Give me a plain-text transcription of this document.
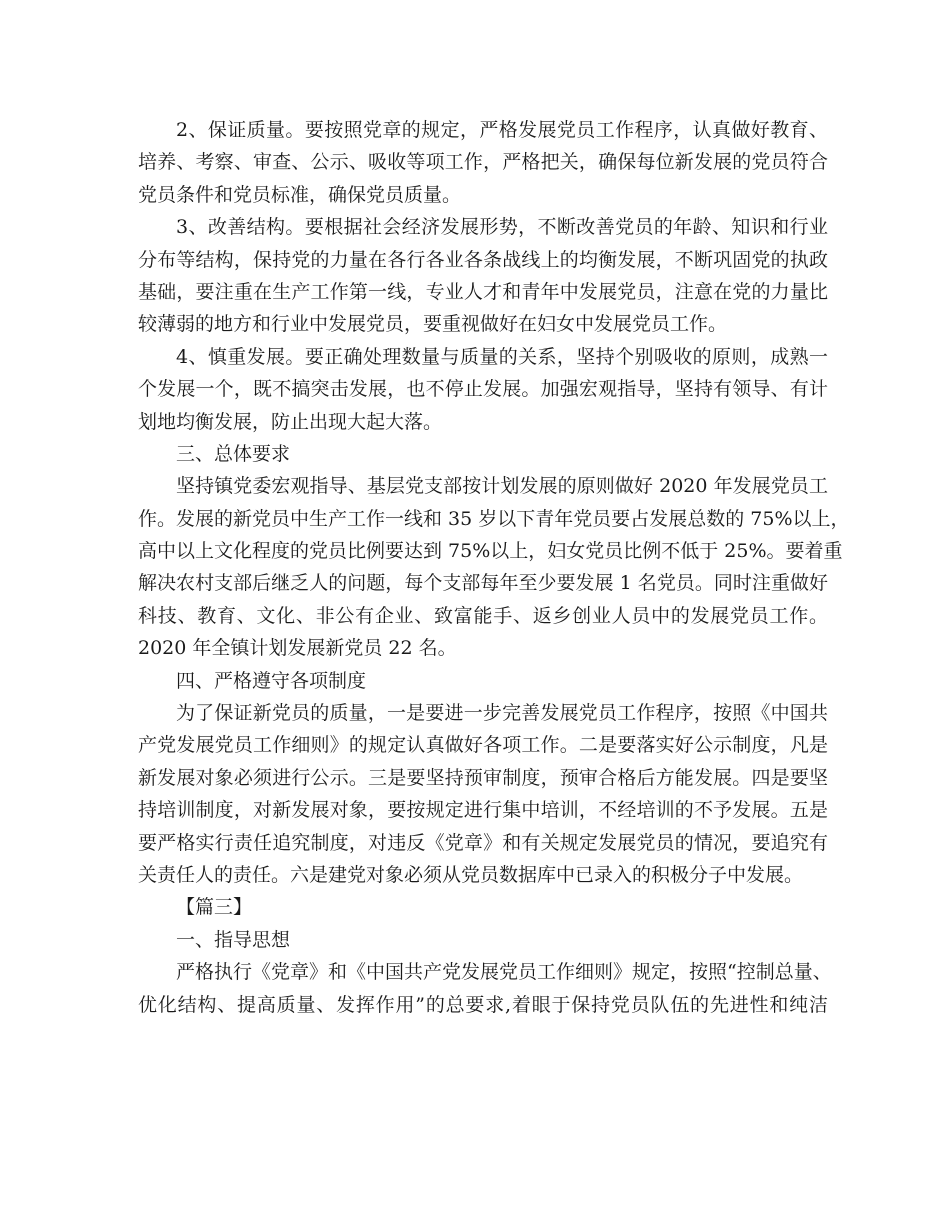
2、保证质量。要按照党章的规定，严格发展党员工作程序，认真做好教育、
培养、考察、审查、公示、吸收等项工作，严格把关，确保每位新发展的党员符合
党员条件和党员标准，确保党员质量。
3、改善结构。要根据社会经济发展形势，不断改善党员的年龄、知识和行业
分布等结构，保持党的力量在各行各业各条战线上的均衡发展，不断巩固党的执政
基础，要注重在生产工作第一线，专业人才和青年中发展党员，注意在党的力量比
较薄弱的地方和行业中发展党员，要重视做好在妇女中发展党员工作。
4、慎重发展。要正确处理数量与质量的关系，坚持个别吸收的原则，成熟一
个发展一个，既不搞突击发展，也不停止发展。加强宏观指导，坚持有领导、有计
划地均衡发展，防止出现大起大落。
三、总体要求
坚持镇党委宏观指导、基层党支部按计划发展的原则做好 2020 年发展党员工
作。发展的新党员中生产工作一线和 35 岁以下青年党员要占发展总数的 75%以上，
高中以上文化程度的党员比例要达到 75%以上，妇女党员比例不低于 25%。要着重
解决农村支部后继乏人的问题，每个支部每年至少要发展 1 名党员。同时注重做好
科技、教育、文化、非公有企业、致富能手、返乡创业人员中的发展党员工作。
2020 年全镇计划发展新党员 22 名。
四、严格遵守各项制度
为了保证新党员的质量，一是要进一步完善发展党员工作程序，按照《中国共
产党发展党员工作细则》的规定认真做好各项工作。二是要落实好公示制度，凡是
新发展对象必须进行公示。三是要坚持预审制度，预审合格后方能发展。四是要坚
持培训制度，对新发展对象，要按规定进行集中培训，不经培训的不予发展。五是
要严格实行责任追究制度，对违反《党章》和有关规定发展党员的情况，要追究有
关责任人的责任。六是建党对象必须从党员数据库中已录入的积极分子中发展。
【篇三】
一、指导思想
严格执行《党章》和《中国共产党发展党员工作细则》规定，按照“控制总量、
优化结构、提高质量、发挥作用”的总要求,着眼于保持党员队伍的先进性和纯洁
